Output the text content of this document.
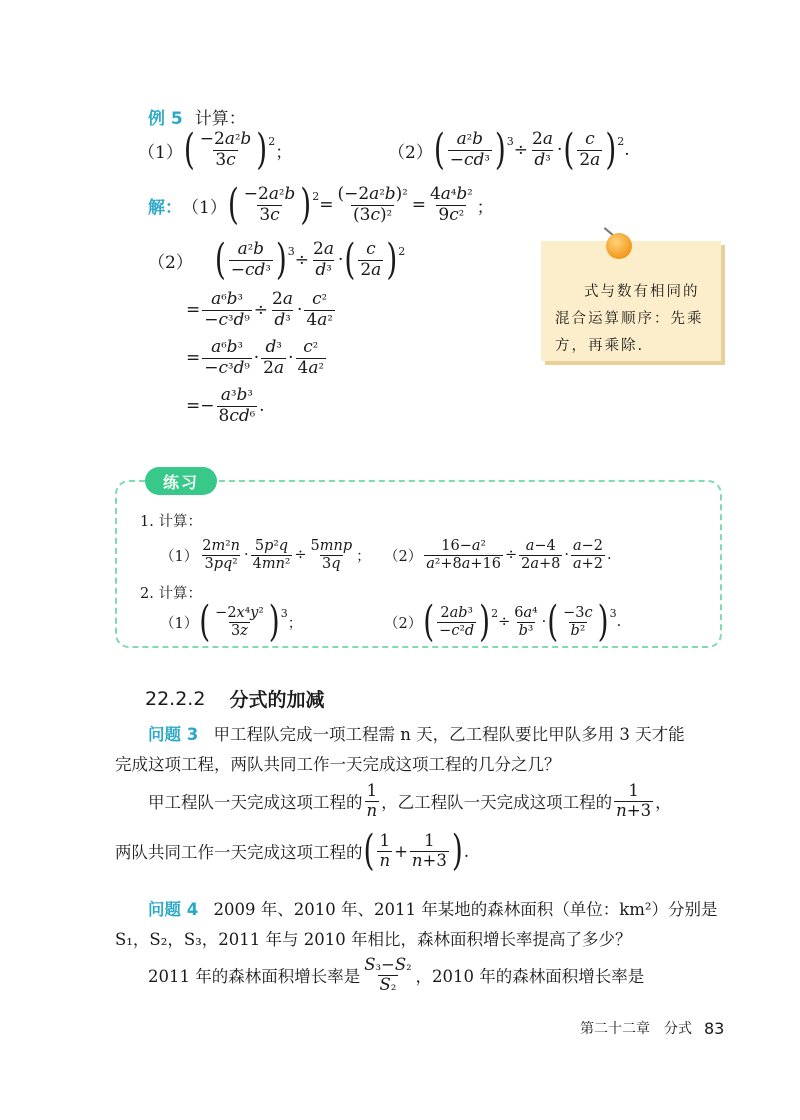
例 5 计算：
（1） ( $\frac{\text{−2a²b}}{3c}$ ) 2
；	（2） ( $\frac{\text{a²b}}{\text{−cd³}}$ ) $3 \div \frac{2a}{\text{d³}}$ · ( $\frac{c}{2a}$ ) 2 .
解： （1） ( $\frac{\text{−2a²b}}{3c}$ ) $2 = \frac{\text{(−2a²b)²}}{\text{(3c)²}} = \frac{\text{4a⁴b²}}{\text{9c²}}$ ；
（2） ( $\frac{\text{a²b}}{\text{−cd³}}$ ) $3 \div \frac{2a}{\text{d³}}$ · ( $\frac{c}{2a}$ ) 2
= $\frac{\text{a⁶b³}}{\text{−c³d⁹}} \div \frac{2a}{\text{d³}} \cdot \frac{\text{c²}}{\text{4a²}}$
= $\frac{\text{a⁶b³}}{\text{−c³d⁹}} \cdot \frac{\text{d³}}{2a} \cdot \frac{\text{c²}}{\text{4a²}}$
=− $\frac{\text{a³b³}}{\text{8cd⁶}}$ .
式与数有相同的混合运算顺序：先乘方，再乘除.
练习
1. 计算：
$(1) \frac{\text{2m²n}}{\text{3pq²}} \cdot \frac{\text{5p²q}}{\text{4mn²}} \div \frac{\text{5mnp}}{3q}$ ； $(2) \frac{\text{16−a²}}{\text{a²+8a+16}} \div \frac{a-4}{2a+8} \cdot \frac{a-2}{a+2}$ .
2. 计算：
（1） ( $\frac{\text{−2x⁴y²}}{3z}$ ) 3
；	（2） ( $\frac{\text{2ab³}}{\text{−c²d}}$ ) 2
÷ $\frac{\text{6a⁴}}{\text{b³}}$ · ( $\frac{-3c}{\text{b²}}$ ) 3
.
22.2.2 分式的加减
问题 3 甲工程队完成一项工程需 n 天，乙工程队要比甲队多用 3 天才能
完成这项工程，两队共同工作一天完成这项工程的几分之几？
甲工程队一天完成这项工程的 $\frac{1}{n}$ ，乙工程队一天完成这项工程的 $\frac{1}{n+3}$ ，
两队共同工作一天完成这项工程的 ( $\frac{1}{n} + \frac{1}{n+3}$ ) .
问题 4 2009 年、2010 年、2011 年某地的森林面积（单位：km²）分别是
S₁，S₂，S₃，2011 年与 2010 年相比，森林面积增长率提高了多少？
2011 年的森林面积增长率是 $\frac{\text{S₃−S₂}}{\text{S₂}}$ ，2010 年的森林面积增长率是
第二十二章　分式 83
